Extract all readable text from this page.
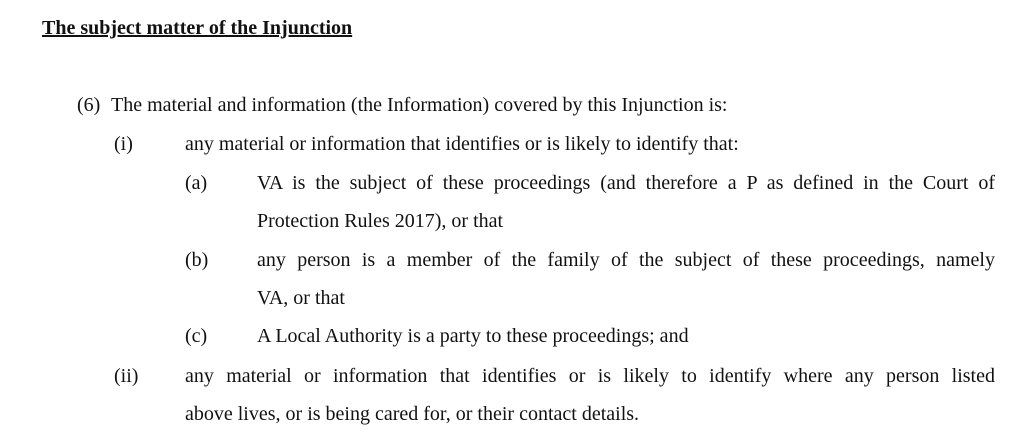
The subject matter of the Injunction
(6) The material and information (the Information) covered by this Injunction is:
(i)	any material or information that identifies or is likely to identify that:
(a) VA is the subject of these proceedings (and therefore a P as defined in the Court of
Protection Rules 2017), or that
(b) any person is a member of the family of the subject of these proceedings, namely
VA, or that
(c) A Local Authority is a party to these proceedings; and
(ii) any material or information that identifies or is likely to identify where any person listed
above lives, or is being cared for, or their contact details.
